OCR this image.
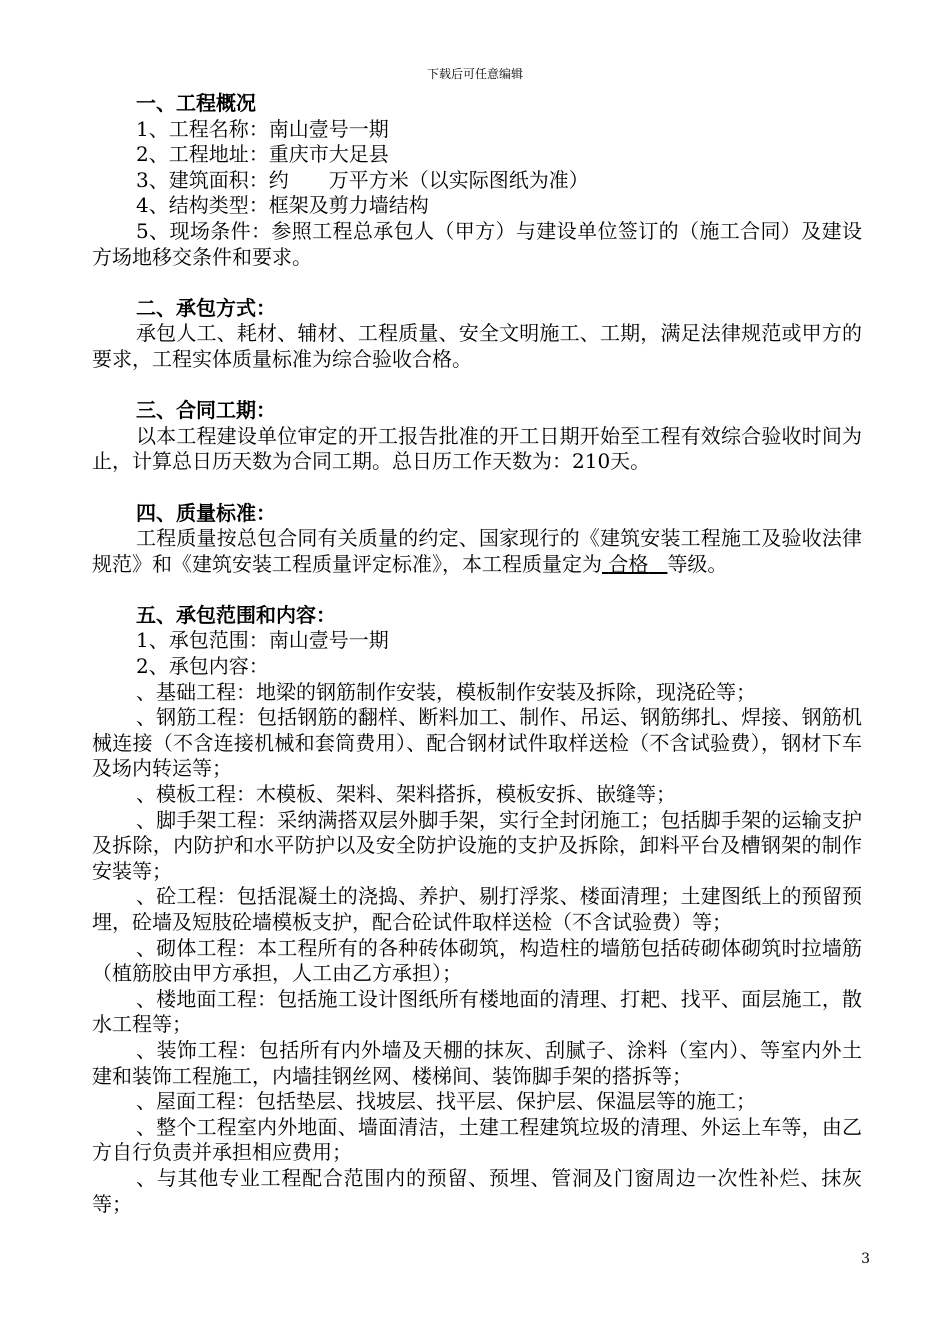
下载后可任意编辑

一、工程概况

1、工程名称：南山壹号一期

2、工程地址：重庆市大足县

3、建筑面积：约　　万平方米（以实际图纸为准）

4、结构类型：框架及剪力墙结构

5、现场条件：参照工程总承包人（甲方）与建设单位签订的（施工合同）及建设方场地移交条件和要求。

二、承包方式：

承包人工、耗材、辅材、工程质量、安全文明施工、工期，满足法律规范或甲方的要求，工程实体质量标准为综合验收合格。

三、合同工期：

以本工程建设单位审定的开工报告批准的开工日期开始至工程有效综合验收时间为止，计算总日历天数为合同工期。总日历工作天数为：210天。

四、质量标准：

工程质量按总包合同有关质量的约定、国家现行的《建筑安装工程施工及验收法律规范》和《建筑安装工程质量评定标准》，本工程质量定为 合格 等级。

五、承包范围和内容：

1、承包范围：南山壹号一期

2、承包内容：

、基础工程：地梁的钢筋制作安装，模板制作安装及拆除，现浇砼等；

、钢筋工程：包括钢筋的翻样、断料加工、制作、吊运、钢筋绑扎、焊接、钢筋机械连接（不含连接机械和套筒费用）、配合钢材试件取样送检（不含试验费），钢材下车及场内转运等；

、模板工程：木模板、架料、架料搭拆，模板安拆、嵌缝等；

、脚手架工程：采纳满搭双层外脚手架，实行全封闭施工；包括脚手架的运输支护及拆除，内防护和水平防护以及安全防护设施的支护及拆除，卸料平台及槽钢架的制作安装等；

、砼工程：包括混凝土的浇捣、养护、剔打浮浆、楼面清理；土建图纸上的预留预埋，砼墙及短肢砼墙模板支护，配合砼试件取样送检（不含试验费）等；

、砌体工程：本工程所有的各种砖体砌筑，构造柱的墙筋包括砖砌体砌筑时拉墙筋（植筋胶由甲方承担，人工由乙方承担）；

、楼地面工程：包括施工设计图纸所有楼地面的清理、打耙、找平、面层施工，散水工程等；

、装饰工程：包括所有内外墙及天棚的抹灰、刮腻子、涂料（室内）、等室内外土建和装饰工程施工，内墙挂钢丝网、楼梯间、装饰脚手架的搭拆等；

、屋面工程：包括垫层、找坡层、找平层、保护层、保温层等的施工；

、整个工程室内外地面、墙面清洁，土建工程建筑垃圾的清理、外运上车等，由乙方自行负责并承担相应费用；

、与其他专业工程配合范围内的预留、预埋、管洞及门窗周边一次性补烂、抹灰等；

3
